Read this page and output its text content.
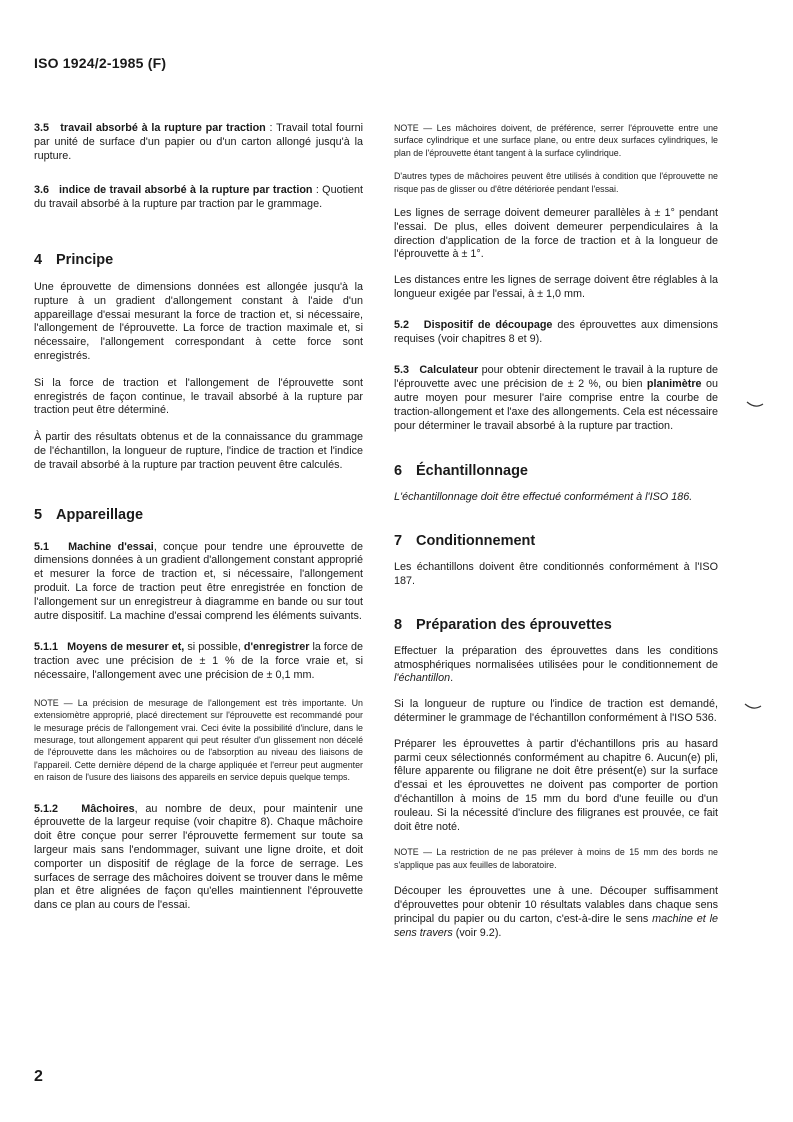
ISO 1924/2-1985 (F)

3.5 travail absorbé à la rupture par traction : Travail total fourni par unité de surface d'un papier ou d'un carton allongé jusqu'à la rupture.

3.6 indice de travail absorbé à la rupture par traction : Quotient du travail absorbé à la rupture par traction par le grammage.

4 Principe

Une éprouvette de dimensions données est allongée jusqu'à la rupture à un gradient d'allongement constant à l'aide d'un appareillage d'essai mesurant la force de traction et, si nécessaire, l'allongement de l'éprouvette. La force de traction maximale et, si nécessaire, l'allongement correspondant à cette force sont enregistrés.

Si la force de traction et l'allongement de l'éprouvette sont enregistrés de façon continue, le travail absorbé à la rupture par traction peut être déterminé.

À partir des résultats obtenus et de la connaissance du grammage de l'échantillon, la longueur de rupture, l'indice de traction et l'indice de travail absorbé à la rupture par traction peuvent être calculés.

5 Appareillage

5.1 Machine d'essai, conçue pour tendre une éprouvette de dimensions données à un gradient d'allongement constant approprié et mesurer la force de traction et, si nécessaire, l'allongement produit. La force de traction peut être enregistrée en fonction de l'allongement sur un enregistreur à diagramme en bande ou sur tout autre dispositif. La machine d'essai comprend les éléments suivants.

5.1.1 Moyens de mesurer et, si possible, d'enregistrer la force de traction avec une précision de ± 1 % de la force vraie et, si nécessaire, l'allongement avec une précision de ± 0,1 mm.

NOTE — La précision de mesurage de l'allongement est très importante. Un extensiomètre approprié, placé directement sur l'éprouvette est recommandé pour le mesurage précis de l'allongement vrai. Ceci évite la possibilité d'inclure, dans le mesurage, tout allongement apparent qui peut résulter d'un glissement non décelé de l'éprouvette dans les mâchoires ou de l'absorption au niveau des liaisons de l'appareil. Cette dernière dépend de la charge appliquée et l'erreur peut augmenter en raison de l'usure des liaisons des appareils en service depuis quelque temps.

5.1.2 Mâchoires, au nombre de deux, pour maintenir une éprouvette de la largeur requise (voir chapitre 8). Chaque mâchoire doit être conçue pour serrer l'éprouvette fermement sur toute sa largeur mais sans l'endommager, suivant une ligne droite, et doit comporter un dispositif de réglage de la force de serrage. Les surfaces de serrage des mâchoires doivent se trouver dans le même plan et être alignées de façon qu'elles maintiennent l'éprouvette dans ce plan au cours de l'essai.

NOTE — Les mâchoires doivent, de préférence, serrer l'éprouvette entre une surface cylindrique et une surface plane, ou entre deux surfaces cylindriques, le plan de l'éprouvette étant tangent à la surface cylindrique.

D'autres types de mâchoires peuvent être utilisés à condition que l'éprouvette ne risque pas de glisser ou d'être détériorée pendant l'essai.

Les lignes de serrage doivent demeurer parallèles à ± 1° pendant l'essai. De plus, elles doivent demeurer perpendiculaires à la direction d'application de la force de traction et à la longueur de l'éprouvette à ± 1°.

Les distances entre les lignes de serrage doivent être réglables à la longueur exigée par l'essai, à ± 1,0 mm.

5.2 Dispositif de découpage des éprouvettes aux dimensions requises (voir chapitres 8 et 9).

5.3 Calculateur pour obtenir directement le travail à la rupture de l'éprouvette avec une précision de ± 2 %, ou bien planimètre ou autre moyen pour mesurer l'aire comprise entre la courbe de traction-allongement et l'axe des allongements. Cela est nécessaire pour déterminer le travail absorbé à la rupture par traction.

6 Échantillonnage

L'échantillonnage doit être effectué conformément à l'ISO 186.

7 Conditionnement

Les échantillons doivent être conditionnés conformément à l'ISO 187.

8 Préparation des éprouvettes

Effectuer la préparation des éprouvettes dans les conditions atmosphériques normalisées utilisées pour le conditionnement de l'échantillon.

Si la longueur de rupture ou l'indice de traction est demandé, déterminer le grammage de l'échantillon conformément à l'ISO 536.

Préparer les éprouvettes à partir d'échantillons pris au hasard parmi ceux sélectionnés conformément au chapitre 6. Aucun(e) pli, fêlure apparente ou filigrane ne doit être présent(e) sur la surface d'essai et les éprouvettes ne doivent pas comporter de portion d'échantillon à moins de 15 mm du bord d'une feuille ou d'un rouleau. Si la nécessité d'inclure des filigranes est prouvée, ce fait doit être noté.

NOTE — La restriction de ne pas prélever à moins de 15 mm des bords ne s'applique pas aux feuilles de laboratoire.

Découper les éprouvettes une à une. Découper suffisamment d'éprouvettes pour obtenir 10 résultats valables dans chaque sens principal du papier ou du carton, c'est-à-dire le sens machine et le sens travers (voir 9.2).

2
